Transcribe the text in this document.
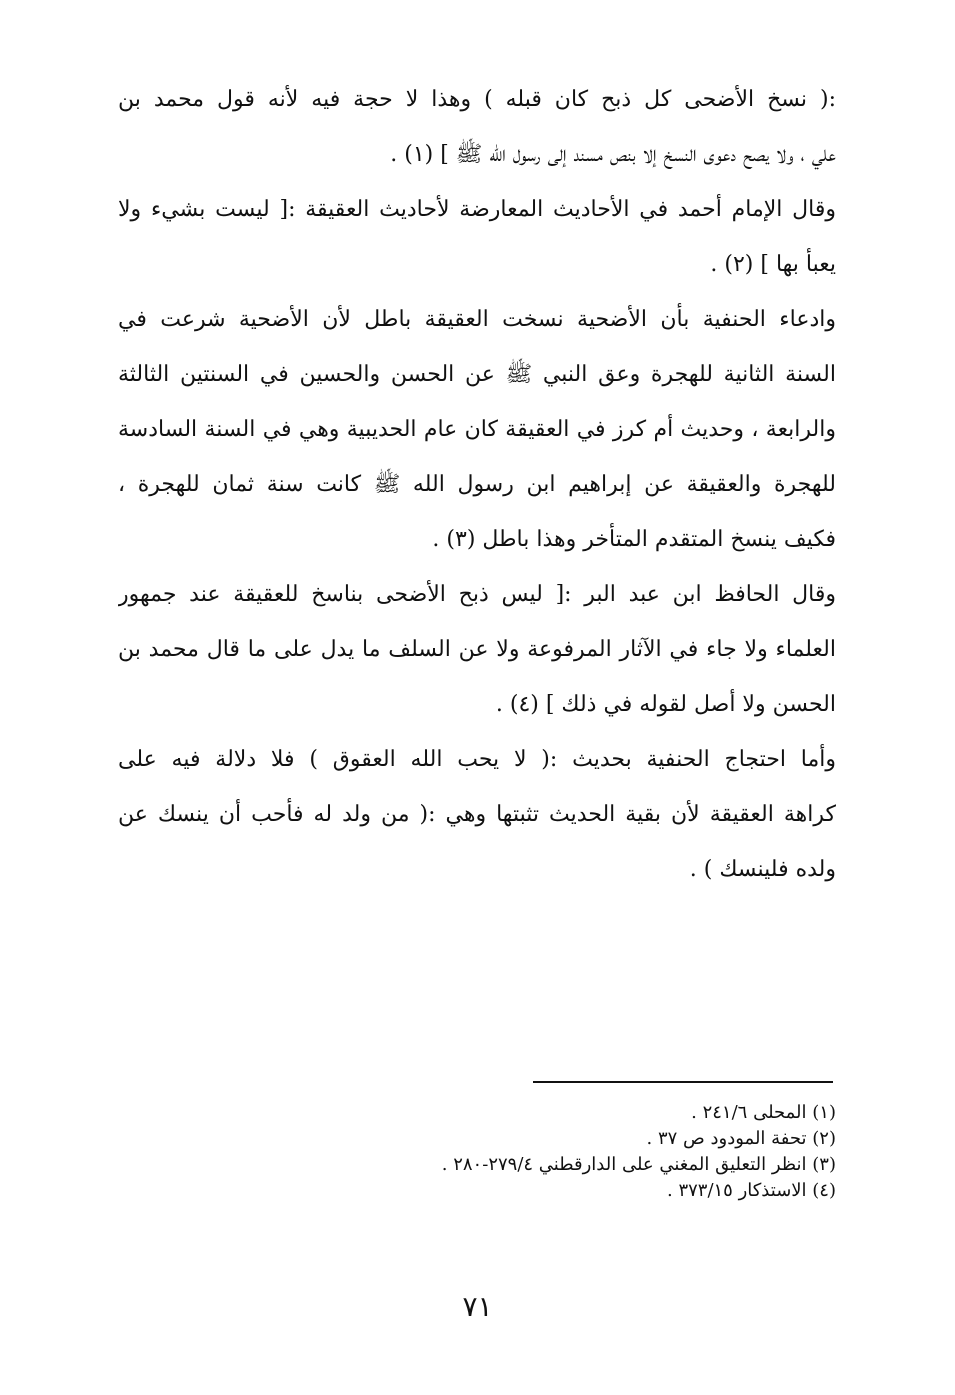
:( نسخ الأضحى كل ذبح كان قبله ) وهذا لا حجة فيه لأنه قول محمد بن
علي ، ولا يصح دعوى النسخ إلا بنص مسند إلى رسول الله ﷺ ] (١) .
وقال الإمام أحمد في الأحاديث المعارضة لأحاديث العقيقة :[ ليست بشيء ولا
يعبأ بها ] (٢) .
وادعاء الحنفية بأن الأضحية نسخت العقيقة باطل لأن الأضحية شرعت في
السنة الثانية للهجرة وعق النبي ﷺ عن الحسن والحسين في السنتين الثالثة
والرابعة ، وحديث أم كرز في العقيقة كان عام الحديبية وهي في السنة السادسة
للهجرة والعقيقة عن إبراهيم ابن رسول الله ﷺ كانت سنة ثمان للهجرة ،
فكيف ينسخ المتقدم المتأخر وهذا باطل (٣) .
وقال الحافظ ابن عبد البر :[ ليس ذبح الأضحى بناسخ للعقيقة عند جمهور
العلماء ولا جاء في الآثار المرفوعة ولا عن السلف ما يدل على ما قال محمد بن
الحسن ولا أصل لقوله في ذلك ] (٤) .
وأما احتجاج الحنفية بحديث :( لا يحب الله العقوق ) فلا دلالة فيه على
كراهة العقيقة لأن بقية الحديث تثبتها وهي :( من ولد له فأحب أن ينسك عن
ولده فلينسك ) .
(١) المحلى ٢٤١/٦ .
(٢) تحفة المودود ص ٣٧ .
(٣) انظر التعليق المغني على الدارقطني ٢٧٩/٤-٢٨٠ .
(٤) الاستذكار ٣٧٣/١٥ .
٧١
